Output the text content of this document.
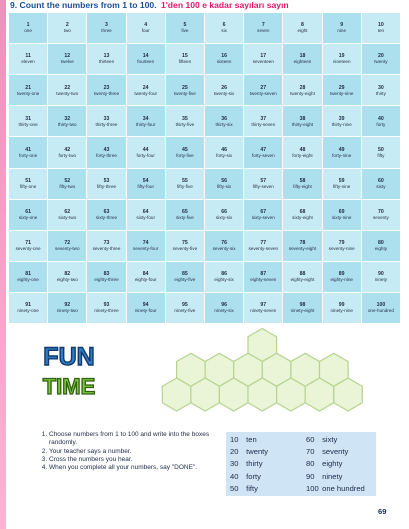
9. Count the numbers from 1 to 100. 1'den 100 e kadar sayıları sayın
1
one
2
two
3
three
4
four
5
five
6
six
7
seven
8
eight
9
nine
10
ten
11
eleven
12
twelve
13
thirteen
14
fourteen
15
fifteen
16
sixteen
17
seventeen
18
eighteen
19
nineteen
20
twenty
21
twenty-one
22
twenty-two
23
twenty-three
24
twenty-four
25
twenty-five
26
twenty-six
27
twenty-seven
28
twenty-eight
29
twenty-nine
30
thirty
31
thirty-one
32
thirty-two
33
thirty-three
34
thirty-four
35
thirty-five
36
thirty-six
37
thirty-seven
38
thirty-eight
39
thirty-nine
40
forty
41
forty-one
42
forty-two
43
forty-three
44
forty-four
45
forty-five
46
forty-six
47
forty-seven
48
forty-eight
49
forty-nine
50
fifty
51
fifty-one
52
fifty-two
53
fifty-three
54
fifty-four
55
fifty-five
56
fifty-six
57
fifty-seven
58
fifty-eight
59
fifty-nine
60
sixty
61
sixty-one
62
sixty-two
63
sixty-three
64
sixty-four
65
sixty-five
66
sixty-six
67
sixty-seven
68
sixty-eight
69
sixty-nine
70
seventy
71
seventy-one
72
seventy-two
73
seventy-three
74
seventy-four
75
seventy-five
76
seventy-six
77
seventy-seven
78
seventy-eight
79
seventy-nine
80
eighty
81
eighty-one
82
eighty-two
83
eighty-three
84
eighty-four
85
eighty-five
86
eighty-six
87
eighty-seven
88
eighty-eight
89
eighty-nine
90
ninety
91
ninety-one
92
ninety-two
93
ninety-three
94
ninety-four
95
ninety-five
96
ninety-six
97
ninety-seven
98
ninety-eight
99
ninety-nine
100
one-hundred
FUN
TIME
1. Choose numbers from 1 to 100 and write into the boxes randomly.
2. Your teacher says a number.
3. Cross the numbers you hear.
4. When you complete all your numbers, say "DONE".
10 ten
20 twenty
30 thirty
40 forty
50 fifty
60 sixty
70 seventy
80 eighty
90 ninety
100 one hundred
69
